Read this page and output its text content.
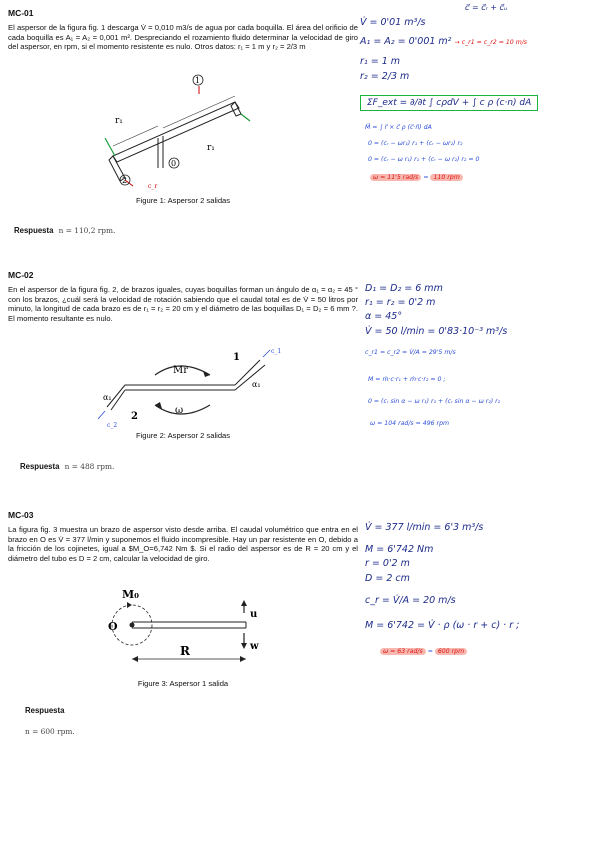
MC-01

El aspersor de la figura fig. 1 descarga V̇ = 0,010 m3/s de agua por cada boquilla. El área del orificio de cada boquilla es A₁ = A₂ = 0,001 m². Despreciando el rozamiento fluido determinar la velocidad de giro del aspersor, en rpm, si el momento resistente es nulo. Otros datos: r₁ = 1 m y r₂ = 2/3 m

1
0
2
r₁
r₁
c_r
Figure 1: Aspersor 2 salidas
Respuesta n = 110,2 rpm.
c⃗ = c⃗ᵣ + c⃗ᵤ
V̇ = 0'01 m³/s
A₁ = A₂ = 0'001 m² → c_r1 = c_r2 = 10 m/s
r₁ = 1 m
r₂ = 2/3 m
ΣF_ext = ∂/∂t ∫ cρdV + ∫ c ρ (c·n) dA
M⃗ = ∫ r⃗ × c⃗ ρ (c⃗·n⃗) dA
0 = (cᵣ − ωr₁) r₁ + (cᵣ − ωr₂) r₂
0 = (cᵣ − ω r₁) r₁ + (cᵣ − ω r₂) r₂ = 0
ω = 11'5 rad/s = 110 rpm
MC-02

En el aspersor de la figura fig. 2, de brazos iguales, cuyas boquillas forman un ángulo de α₁ = α₂ = 45 ° con los brazos, ¿cuál será la velocidad de rotación sabiendo que el caudal total es de V̇ = 50 litros por minuto, la longitud de cada brazo es de r₁ = r₂ = 20 cm y el diámetro de las boquillas D₁ = D₂ = 6 mm ?. El momento resultante es nulo.

Mr
ω
1
2
α₁
α₁
c_1
c_2
Figure 2: Aspersor 2 salidas
Respuesta n = 488 rpm.
D₁ = D₂ = 6 mm
r₁ = r₂ = 0'2 m
α = 45°
V̇ = 50 l/min = 0'83·10⁻³ m³/s
c_r1 = c_r2 = V̇/A = 29'5 m/s
M = ṁ·c·r₁ + ṁ·c·r₂ = 0 ;
0 = (cᵣ sin α − ω r₁) r₁ + (cᵣ sin α − ω r₂) r₂
ω = 104 rad/s = 496 rpm
MC-03

La figura fig. 3 muestra un brazo de aspersor visto desde arriba. El caudal volumétrico que entra en el brazo en O es V̇ = 377 l/min y suponemos el fluido incompresible. Hay un par resistente en O, debido a la fricción de los cojinetes, igual a $M_O=6,742 Nm $. Si el radio del aspersor es de R = 20 cm y el diámetro del tubo es D = 2 cm, calcular la velocidad de giro.

M₀
O
u
w
R
Figure 3: Aspersor 1 salida
Respuesta
n = 600 rpm.
V̇ = 377 l/min = 6'3 m³/s
M = 6'742 Nm
r = 0'2 m
D = 2 cm
c_r = V̇/A = 20 m/s
M = 6'742 = V̇ · ρ (ω · r + c) · r ;
ω = 63 rad/s = 600 rpm
